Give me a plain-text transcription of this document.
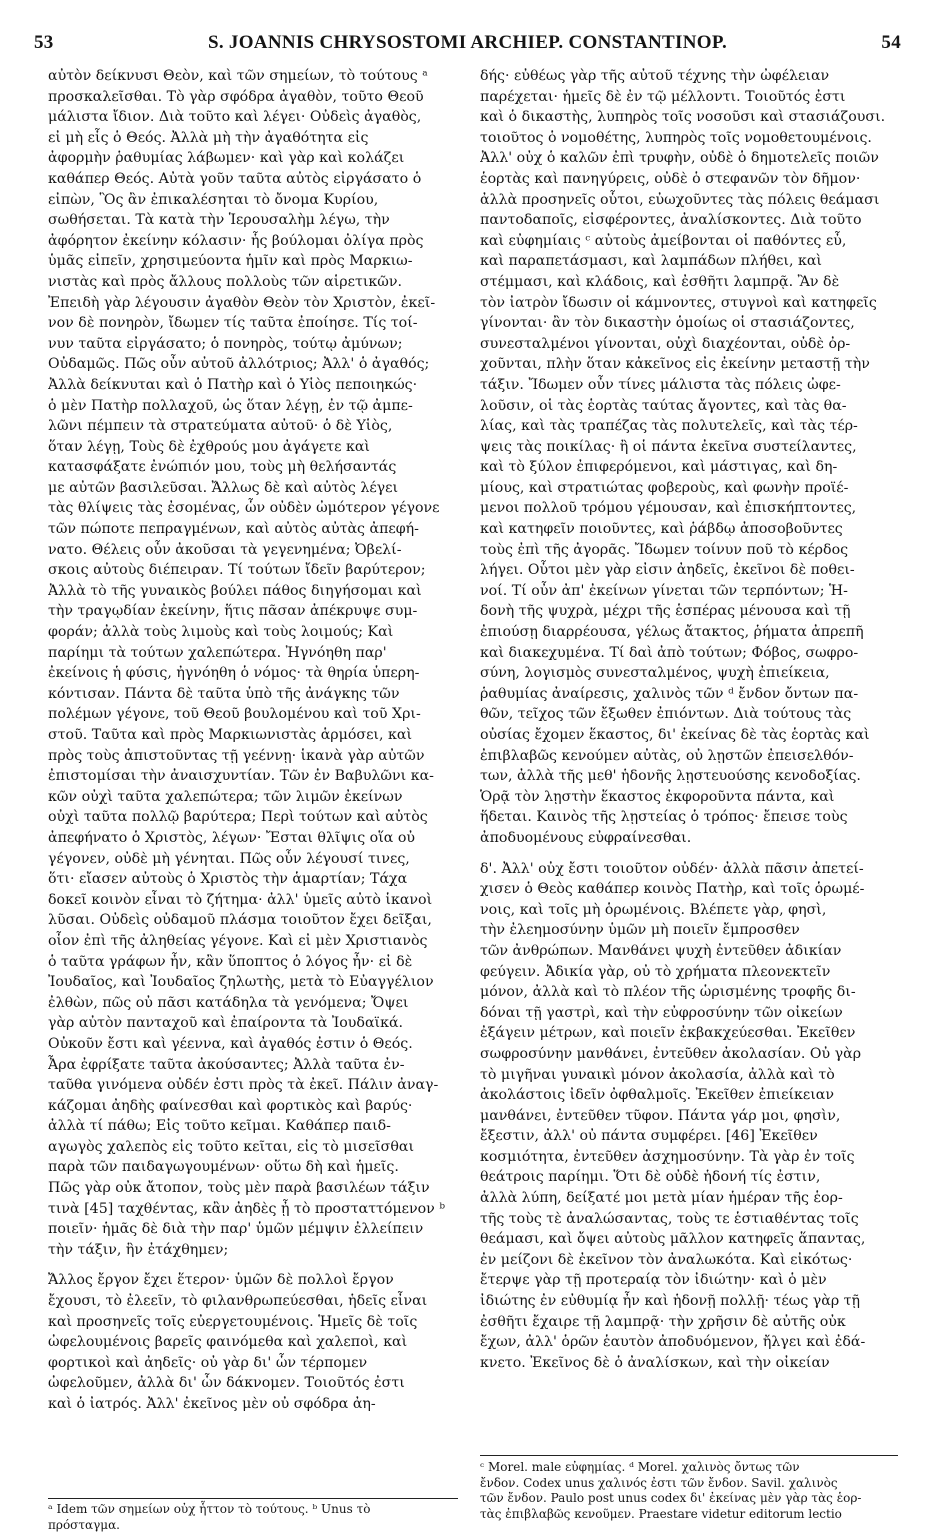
53	S. JOANNIS CHRYSOSTOMI ARCHIEP. CONSTANTINOP.	54
αὐτὸν δείκνυσι Θεὸν, καὶ τῶν σημείων, τὸ τούτους ᵃ
προσκαλεῖσθαι. Τὸ γὰρ σφόδρα ἀγαθὸν, τοῦτο Θεοῦ
μάλιστα ἴδιον. Διὰ τοῦτο καὶ λέγει· Οὐδεὶς ἀγαθὸς,
εἰ μὴ εἷς ὁ Θεός. Ἀλλὰ μὴ τὴν ἀγαθότητα εἰς
ἀφορμὴν ῥαθυμίας λάβωμεν· καὶ γὰρ καὶ κολάζει
καθάπερ Θεός. Αὐτὰ γοῦν ταῦτα αὐτὸς εἰργάσατο ὁ
εἰπὼν, Ὃς ἂν ἐπικαλέσηται τὸ ὄνομα Κυρίου,
σωθήσεται. Τὰ κατὰ τὴν Ἱερουσαλὴμ λέγω, τὴν
ἀφόρητον ἐκείνην κόλασιν· ἧς βούλομαι ὀλίγα πρὸς
ὑμᾶς εἰπεῖν, χρησιμεύοντα ἡμῖν καὶ πρὸς Μαρκιω-
νιστὰς καὶ πρὸς ἄλλους πολλοὺς τῶν αἱρετικῶν.
Ἐπειδὴ γὰρ λέγουσιν ἀγαθὸν Θεὸν τὸν Χριστὸν, ἐκεῖ-
νον δὲ πονηρὸν, ἴδωμεν τίς ταῦτα ἐποίησε. Τίς τοί-
νυν ταῦτα εἰργάσατο; ὁ πονηρὸς, τούτῳ ἀμύνων;
Οὐδαμῶς. Πῶς οὖν αὐτοῦ ἀλλότριος; Ἀλλ' ὁ ἀγαθός;
Ἀλλὰ δείκνυται καὶ ὁ Πατὴρ καὶ ὁ Υἱὸς πεποιηκώς·
ὁ μὲν Πατὴρ πολλαχοῦ, ὡς ὅταν λέγῃ, ἐν τῷ ἀμπε-
λῶνι πέμπειν τὰ στρατεύματα αὐτοῦ· ὁ δὲ Υἱὸς,
ὅταν λέγῃ, Τοὺς δὲ ἐχθρούς μου ἀγάγετε καὶ
κατασφάξατε ἐνώπιόν μου, τοὺς μὴ θελήσαντάς
με αὐτῶν βασιλεῦσαι. Ἄλλως δὲ καὶ αὐτὸς λέγει
τὰς θλίψεις τὰς ἐσομένας, ὧν οὐδὲν ὠμότερον γέγονε
τῶν πώποτε πεπραγμένων, καὶ αὐτὸς αὐτὰς ἀπεφή-
νατο. Θέλεις οὖν ἀκοῦσαι τὰ γεγενημένα; Ὀβελί-
σκοις αὐτοὺς διέπειραν. Τί τούτων ἴδεῖν βαρύτερον;
Ἀλλὰ τὸ τῆς γυναικὸς βούλει πάθος διηγήσομαι καὶ
τὴν τραγῳδίαν ἐκείνην, ἥτις πᾶσαν ἀπέκρυψε συμ-
φοράν; ἀλλὰ τοὺς λιμοὺς καὶ τοὺς λοιμούς; Καὶ
παρίημι τὰ τούτων χαλεπώτερα. Ἠγνόηθη παρ'
ἐκείνοις ἡ φύσις, ἠγνόηθη ὁ νόμος· τὰ θηρία ὑπερη-
κόντισαν. Πάντα δὲ ταῦτα ὑπὸ τῆς ἀνάγκης τῶν
πολέμων γέγονε, τοῦ Θεοῦ βουλομένου καὶ τοῦ Χρι-
στοῦ. Ταῦτα καὶ πρὸς Μαρκιωνιστὰς ἁρμόσει, καὶ
πρὸς τοὺς ἀπιστοῦντας τῇ γεέννῃ· ἱκανὰ γὰρ αὐτῶν
ἐπιστομίσαι τὴν ἀναισχυντίαν. Τῶν ἐν Βαβυλῶνι κα-
κῶν οὐχὶ ταῦτα χαλεπώτερα; τῶν λιμῶν ἐκείνων
οὐχὶ ταῦτα πολλῷ βαρύτερα; Περὶ τούτων καὶ αὐτὸς
ἀπεφήνατο ὁ Χριστὸς, λέγων· Ἔσται θλῖψις οἵα οὐ
γέγονεν, οὐδὲ μὴ γένηται. Πῶς οὖν λέγουσί τινες,
ὅτι· εἴασεν αὐτοὺς ὁ Χριστὸς τὴν ἁμαρτίαν; Τάχα
δοκεῖ κοινὸν εἶναι τὸ ζήτημα· ἀλλ' ὑμεῖς αὐτὸ ἱκανοὶ
λῦσαι. Οὐδεὶς οὐδαμοῦ πλάσμα τοιοῦτον ἔχει δεῖξαι,
οἷον ἐπὶ τῆς ἀληθείας γέγονε. Καὶ εἰ μὲν Χριστιανὸς
ὁ ταῦτα γράφων ἦν, κἂν ὕποπτος ὁ λόγος ἦν· εἰ δὲ
Ἰουδαῖος, καὶ Ἰουδαῖος ζηλωτὴς, μετὰ τὸ Εὐαγγέλιον
ἐλθὼν, πῶς οὐ πᾶσι κατάδηλα τὰ γενόμενα; Ὄψει
γὰρ αὐτὸν πανταχοῦ καὶ ἐπαίροντα τὰ Ἰουδαϊκά.
Οὐκοῦν ἔστι καὶ γέεννα, καὶ ἀγαθός ἐστιν ὁ Θεός.
Ἆρα ἐφρίξατε ταῦτα ἀκούσαντες; Ἀλλὰ ταῦτα ἐν-
ταῦθα γινόμενα οὐδέν ἐστι πρὸς τὰ ἐκεῖ. Πάλιν ἀναγ-
κάζομαι ἀηδὴς φαίνεσθαι καὶ φορτικὸς καὶ βαρύς·
ἀλλὰ τί πάθω; Εἰς τοῦτο κεῖμαι. Καθάπερ παιδ-
αγωγὸς χαλεπὸς εἰς τοῦτο κεῖται, εἰς τὸ μισεῖσθαι
παρὰ τῶν παιδαγωγουμένων· οὕτω δὴ καὶ ἡμεῖς.
Πῶς γὰρ οὐκ ἄτοπον, τοὺς μὲν παρὰ βασιλέων τάξιν
τινὰ [45] ταχθέντας, κἂν ἀηδὲς ᾖ τὸ προσταττόμενον ᵇ
ποιεῖν· ἡμᾶς δὲ διὰ τὴν παρ' ὑμῶν μέμψιν ἐλλείπειν
τὴν τάξιν, ἣν ἐτάχθημεν;
Ἄλλος ἔργον ἔχει ἕτερον· ὑμῶν δὲ πολλοὶ ἔργον
ἔχουσι, τὸ ἐλεεῖν, τὸ φιλανθρωπεύεσθαι, ἡδεῖς εἶναι
καὶ προσηνεῖς τοῖς εὐεργετουμένοις. Ἡμεῖς δὲ τοῖς
ὠφελουμένοις βαρεῖς φαινόμεθα καὶ χαλεποὶ, καὶ
φορτικοὶ καὶ ἀηδεῖς· οὐ γὰρ δι' ὧν τέρπομεν
ὠφελοῦμεν, ἀλλὰ δι' ὧν δάκνομεν. Τοιοῦτός ἐστι
καὶ ὁ ἰατρός. Ἀλλ' ἐκεῖνος μὲν οὐ σφόδρα ἀη-
δής· εὐθέως γὰρ τῆς αὐτοῦ τέχνης τὴν ὠφέλειαν
παρέχεται· ἡμεῖς δὲ ἐν τῷ μέλλοντι. Τοιοῦτός ἐστι
καὶ ὁ δικαστὴς, λυπηρὸς τοῖς νοσοῦσι καὶ στασιάζουσι.
τοιοῦτος ὁ νομοθέτης, λυπηρὸς τοῖς νομοθετουμένοις.
Ἀλλ' οὐχ ὁ καλῶν ἐπὶ τρυφὴν, οὐδὲ ὁ δημοτελεῖς ποιῶν
ἑορτὰς καὶ πανηγύρεις, οὐδὲ ὁ στεφανῶν τὸν δῆμον·
ἀλλὰ προσηνεῖς οὗτοι, εὐωχοῦντες τὰς πόλεις θεάμασι
παντοδαποῖς, εἰσφέροντες, ἀναλίσκοντες. Διὰ τοῦτο
καὶ εὐφημίαις ᶜ αὐτοὺς ἀμείβονται οἱ παθόντες εὖ,
καὶ παραπετάσμασι, καὶ λαμπάδων πλήθει, καὶ
στέμμασι, καὶ κλάδοις, καὶ ἐσθῆτι λαμπρᾷ. Ἂν δὲ
τὸν ἰατρὸν ἴδωσιν οἱ κάμνοντες, στυγνοὶ καὶ κατηφεῖς
γίνονται· ἂν τὸν δικαστὴν ὁμοίως οἱ στασιάζοντες,
συνεσταλμένοι γίνονται, οὐχὶ διαχέονται, οὐδὲ ὀρ-
χοῦνται, πλὴν ὅταν κἀκεῖνος εἰς ἐκείνην μεταστῇ τὴν
τάξιν. Ἴδωμεν οὖν τίνες μάλιστα τὰς πόλεις ὠφε-
λοῦσιν, οἱ τὰς ἑορτὰς ταύτας ἄγοντες, καὶ τὰς θα-
λίας, καὶ τὰς τραπέζας τὰς πολυτελεῖς, καὶ τὰς τέρ-
ψεις τὰς ποικίλας· ἢ οἱ πάντα ἐκεῖνα συστείλαντες,
καὶ τὸ ξύλον ἐπιφερόμενοι, καὶ μάστιγας, καὶ δη-
μίους, καὶ στρατιώτας φοβεροὺς, καὶ φωνὴν προϊέ-
μενοι πολλοῦ τρόμου γέμουσαν, καὶ ἐπισκήπτοντες,
καὶ κατηφεῖν ποιοῦντες, καὶ ῥάβδῳ ἀποσοβοῦντες
τοὺς ἐπὶ τῆς ἀγορᾶς. Ἴδωμεν τοίνυν ποῦ τὸ κέρδος
λήγει. Οὗτοι μὲν γὰρ εἰσιν ἀηδεῖς, ἐκεῖνοι δὲ ποθει-
νοί. Τί οὖν ἀπ' ἐκείνων γίνεται τῶν τερπόντων; Ἡ-
δονὴ τῆς ψυχρὰ, μέχρι τῆς ἑσπέρας μένουσα καὶ τῇ
ἐπιούσῃ διαρρέουσα, γέλως ἄτακτος, ῥήματα ἀπρεπῆ
καὶ διακεχυμένα. Τί δαὶ ἀπὸ τούτων; Φόβος, σωφρο-
σύνη, λογισμὸς συνεσταλμένος, ψυχὴ ἐπιείκεια,
ῥαθυμίας ἀναίρεσις, χαλινὸς τῶν ᵈ ἔνδον ὄντων πα-
θῶν, τεῖχος τῶν ἔξωθεν ἐπιόντων. Διὰ τούτους τὰς
οὐσίας ἔχομεν ἕκαστος, δι' ἐκείνας δὲ τὰς ἑορτὰς καὶ
ἐπιβλαβῶς κενούμεν αὐτὰς, οὐ λῃστῶν ἐπεισελθόν-
των, ἀλλὰ τῆς μεθ' ἡδονῆς λῃστευούσης κενοδοξίας.
Ὁρᾷ τὸν λῃστὴν ἕκαστος ἐκφοροῦντα πάντα, καὶ
ἥδεται. Καινὸς τῆς λῃστείας ὁ τρόπος· ἔπεισε τοὺς
ἀποδυομένους εὐφραίνεσθαι.
δ'. Ἀλλ' οὐχ ἔστι τοιοῦτον οὐδέν· ἀλλὰ πᾶσιν ἀπετεί-
χισεν ὁ Θεὸς καθάπερ κοινὸς Πατὴρ, καὶ τοῖς ὁρωμέ-
νοις, καὶ τοῖς μὴ ὁρωμένοις. Βλέπετε γὰρ, φησὶ,
τὴν ἐλεημοσύνην ὑμῶν μὴ ποιεῖν ἔμπροσθεν
τῶν ἀνθρώπων. Μανθάνει ψυχὴ ἐντεῦθεν ἀδικίαν
φεύγειν. Ἀδικία γὰρ, οὐ τὸ χρήματα πλεονεκτεῖν
μόνον, ἀλλὰ καὶ τὸ πλέον τῆς ὡρισμένης τροφῆς δι-
δόναι τῇ γαστρὶ, καὶ τὴν εὐφροσύνην τῶν οἰκείων
ἐξάγειν μέτρων, καὶ ποιεῖν ἐκβακχεύεσθαι. Ἐκεῖθεν
σωφροσύνην μανθάνει, ἐντεῦθεν ἀκολασίαν. Οὐ γὰρ
τὸ μιγῆναι γυναικὶ μόνον ἀκολασία, ἀλλὰ καὶ τὸ
ἀκολάστοις ἰδεῖν ὀφθαλμοῖς. Ἐκεῖθεν ἐπιείκειαν
μανθάνει, ἐντεῦθεν τῦφον. Πάντα γάρ μοι, φησὶν,
ἔξεστιν, ἀλλ' οὐ πάντα συμφέρει. [46] Ἐκεῖθεν
κοσμιότητα, ἐντεῦθεν ἀσχημοσύνην. Τὰ γὰρ ἐν τοῖς
θεάτροις παρίημι. Ὅτι δὲ οὐδὲ ἡδονή τίς ἐστιν,
ἀλλὰ λύπη, δείξατέ μοι μετὰ μίαν ἡμέραν τῆς ἑορ-
τῆς τοὺς τὲ ἀναλώσαντας, τοὺς τε ἑστιαθέντας τοῖς
θεάμασι, καὶ ὄψει αὐτοὺς μᾶλλον κατηφεῖς ἅπαντας,
ἐν μείζονι δὲ ἐκεῖνον τὸν ἀναλωκότα. Καὶ εἰκότως·
ἔτερψε γὰρ τῇ προτεραίᾳ τὸν ἰδιώτην· καὶ ὁ μὲν
ἰδιώτης ἐν εὐθυμίᾳ ἦν καὶ ἡδονῇ πολλῇ· τέως γὰρ τῇ
ἐσθῆτι ἔχαιρε τῇ λαμπρᾷ· τὴν χρῆσιν δὲ αὐτῆς οὐκ
ἔχων, ἀλλ' ὁρῶν ἑαυτὸν ἀποδυόμενον, ἤλγει καὶ ἐδά-
κνετο. Ἐκεῖνος δὲ ὁ ἀναλίσκων, καὶ τὴν οἰκείαν
ᵃ Idem τῶν σημείων οὐχ ἧττον τὸ τούτους. ᵇ Unus τὸ
πρόσταγμα.
ᶜ Morel. male εὐφημίας. ᵈ Morel. χαλινὸς ὄντως τῶν
ἔνδον. Codex unus χαλινός ἐστι τῶν ἔνδον. Savil. χαλινὸς
τῶν ἔνδον. Paulo post unus codex δι' ἐκείνας μὲν γὰρ τὰς ἑορ-
τὰς ἐπιβλαβῶς κενοῦμεν. Praestare videtur editorum lectio
